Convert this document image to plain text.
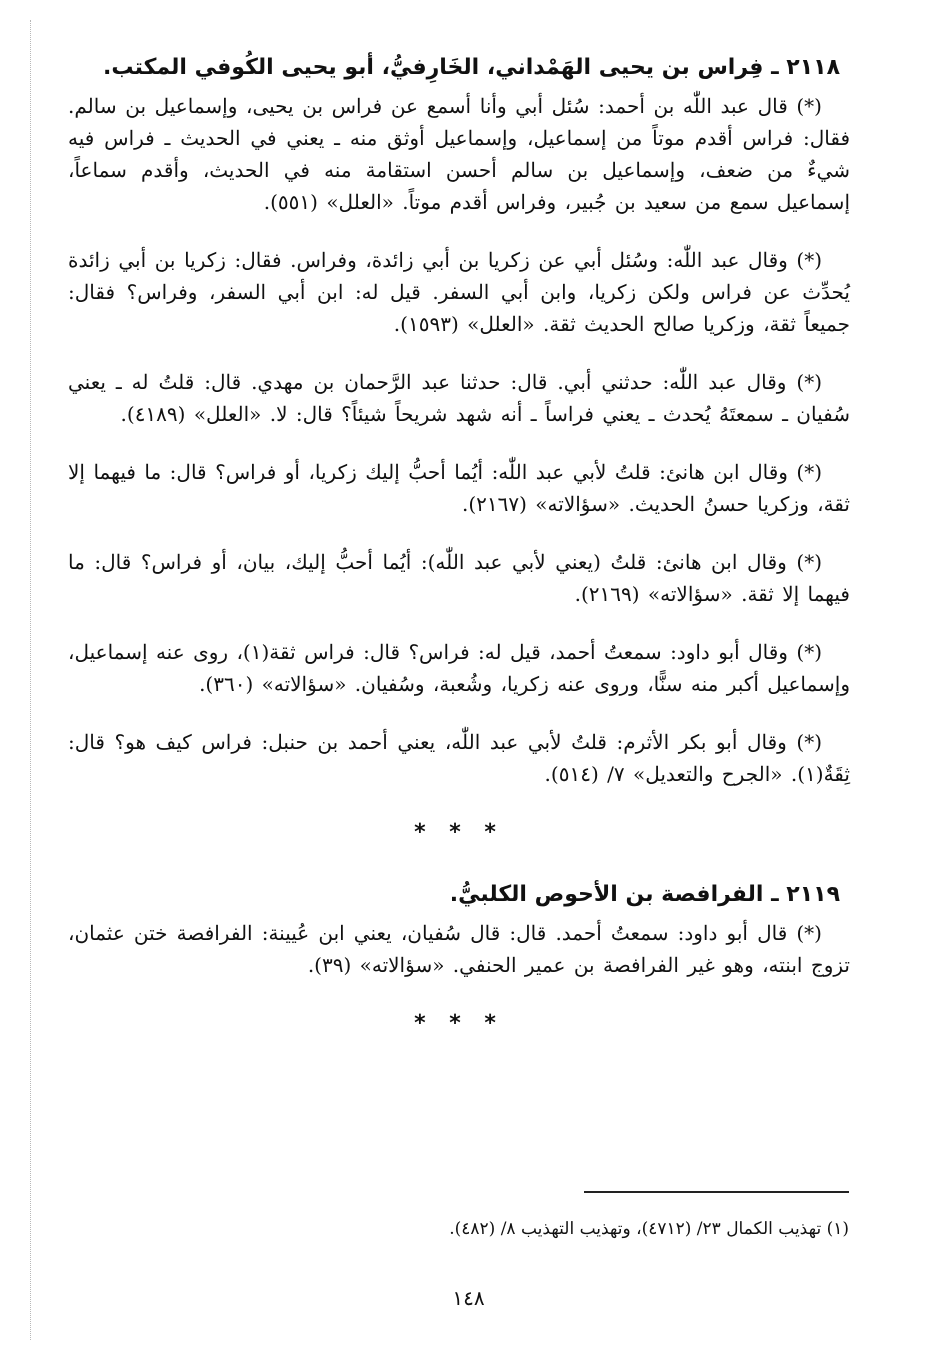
٢١١٨ ـ فِراس بن يحيى الهَمْداني، الخَارِفيُّ، أبو يحيى الكُوفي المكتب.

(*) قال عبد اللّٰه بن أحمد: سُئل أبي وأنا أسمع عن فراس بن يحيى، وإسماعيل بن سالم. فقال: فراس أقدم موتاً من إسماعيل، وإسماعيل أوثق منه ـ يعني في الحديث ـ فراس فيه شيءٌ من ضعف، وإسماعيل بن سالم أحسن استقامة منه في الحديث، وأقدم سماعاً، إسماعيل سمع من سعيد بن جُبير، وفراس أقدم موتاً. «العلل» (٥٥١).

(*) وقال عبد اللّٰه: وسُئل أبي عن زكريا بن أبي زائدة، وفراس. فقال: زكريا بن أبي زائدة يُحدِّث عن فراس ولكن زكريا، وابن أبي السفر. قيل له: ابن أبي السفر، وفراس؟ فقال: جميعاً ثقة، وزكريا صالح الحديث ثقة. «العلل» (١٥٩٣).

(*) وقال عبد اللّٰه: حدثني أبي. قال: حدثنا عبد الرَّحمان بن مهدي. قال: قلتُ له ـ يعني سُفيان ـ سمعتَهُ يُحدث ـ يعني فراساً ـ أنه شهد شريحاً شيئاً؟ قال: لا. «العلل» (٤١٨٩).

(*) وقال ابن هانئ: قلتُ لأبي عبد اللّٰه: أيُما أحبُّ إليك زكريا، أو فراس؟ قال: ما فيهما إلا ثقة، وزكريا حسنُ الحديث. «سؤالاته» (٢١٦٧).

(*) وقال ابن هانئ: قلتُ (يعني لأبي عبد اللّٰه): أيُما أحبُّ إليك، بيان، أو فراس؟ قال: ما فيهما إلا ثقة. «سؤالاته» (٢١٦٩).

(*) وقال أبو داود: سمعتُ أحمد، قيل له: فراس؟ قال: فراس ثقة(١)، روى عنه إسماعيل، وإسماعيل أكبر منه سنًّا، وروى عنه زكريا، وشُعبة، وسُفيان. «سؤالاته» (٣٦٠).

(*) وقال أبو بكر الأثرم: قلتُ لأبي عبد اللّٰه، يعني أحمد بن حنبل: فراس كيف هو؟ قال: ثِقَةٌ(١). «الجرح والتعديل» ٧/ (٥١٤).

* * *
٢١١٩ ـ الفرافصة بن الأحوص الكلبيُّ.

(*) قال أبو داود: سمعتُ أحمد. قال: قال سُفيان، يعني ابن عُيينة: الفرافصة ختن عثمان، تزوج ابنته، وهو غير الفرافصة بن عمير الحنفي. «سؤالاته» (٣٩).

* * *
(١) تهذيب الكمال ٢٣/ (٤٧١٢)، وتهذيب التهذيب ٨/ (٤٨٢).
١٤٨
